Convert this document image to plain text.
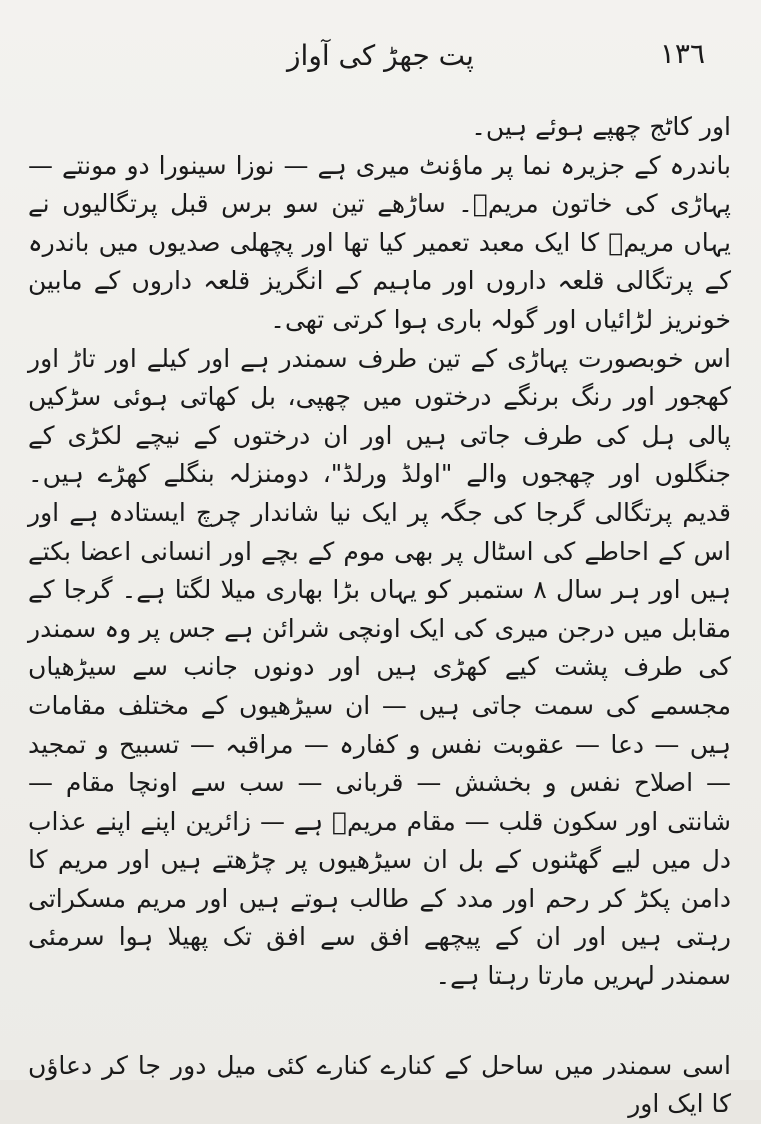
١٣٦
پت جھڑ کی آواز

اور کاٹج چھپے ہوئے ہیں۔

باندرہ کے جزیرہ نما پر ماؤنٹ میری ہے — نوزا سینورا دو مونتے — پہاڑی کی خاتون مریمؑ۔ ساڑھے تین سو برس قبل پرتگالیوں نے یہاں مریمؑ کا ایک معبد تعمیر کیا تھا اور پچھلی صدیوں میں باندرہ کے پرتگالی قلعہ داروں اور ماہیم کے انگریز قلعہ داروں کے مابین خونریز لڑائیاں اور گولہ باری ہوا کرتی تھی۔

اس خوبصورت پہاڑی کے تین طرف سمندر ہے اور کیلے اور تاڑ اور کھجور اور رنگ برنگے درختوں میں چھپی، بل کھاتی ہوئی سڑکیں پالی ہل کی طرف جاتی ہیں اور ان درختوں کے نیچے لکڑی کے جنگلوں اور چھجوں والے "اولڈ ورلڈ"، دومنزلہ بنگلے کھڑے ہیں۔ قدیم پرتگالی گرجا کی جگہ پر ایک نیا شاندار چرچ ایستادہ ہے اور اس کے احاطے کی اسٹال پر بھی موم کے بچے اور انسانی اعضا بکتے ہیں اور ہر سال ۸ ستمبر کو یہاں بڑا بھاری میلا لگتا ہے۔ گرجا کے مقابل میں درجن میری کی ایک اونچی شرائن ہے جس پر وہ سمندر کی طرف پشت کیے کھڑی ہیں اور دونوں جانب سے سیڑھیاں مجسمے کی سمت جاتی ہیں — ان سیڑھیوں کے مختلف مقامات ہیں — دعا — عقوبت نفس و کفارہ — مراقبہ — تسبیح و تمجید — اصلاح نفس و بخشش — قربانی — سب سے اونچا مقام — شانتی اور سکون قلب — مقام مریمؑ ہے — زائرین اپنے اپنے عذاب دل میں لیے گھٹنوں کے بل ان سیڑھیوں پر چڑھتے ہیں اور مریم کا دامن پکڑ کر رحم اور مدد کے طالب ہوتے ہیں اور مریم مسکراتی رہتی ہیں اور ان کے پیچھے افق سے افق تک پھیلا ہوا سرمئی سمندر لہریں مارتا رہتا ہے۔

اسی سمندر میں ساحل کے کنارے کنارے کئی میل دور جا کر دعاؤں کا ایک اور
